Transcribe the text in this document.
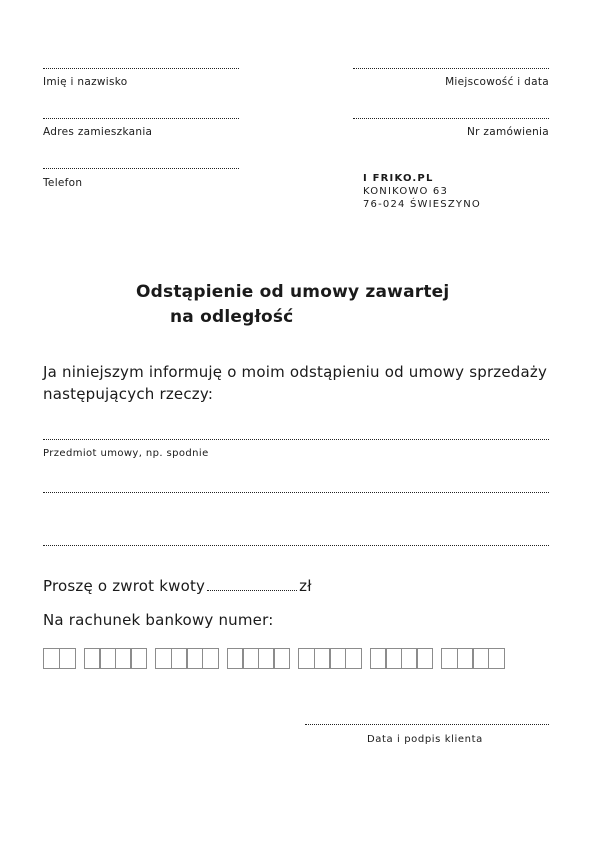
Imię i nazwisko
Adres zamieszkania
Telefon
Miejscowość i data
Nr zamówienia
I FRIKO.PL
KONIKOWO 63
76-024 ŚWIESZYNO
Odstąpienie od umowy zawartej
na odległość
Ja niniejszym informuję o moim odstąpieniu od umowy sprzedaży następujących rzeczy:
Przedmiot umowy, np. spodnie
Proszę o zwrot kwoty	zł
Na rachunek bankowy numer:
Data i podpis klienta
